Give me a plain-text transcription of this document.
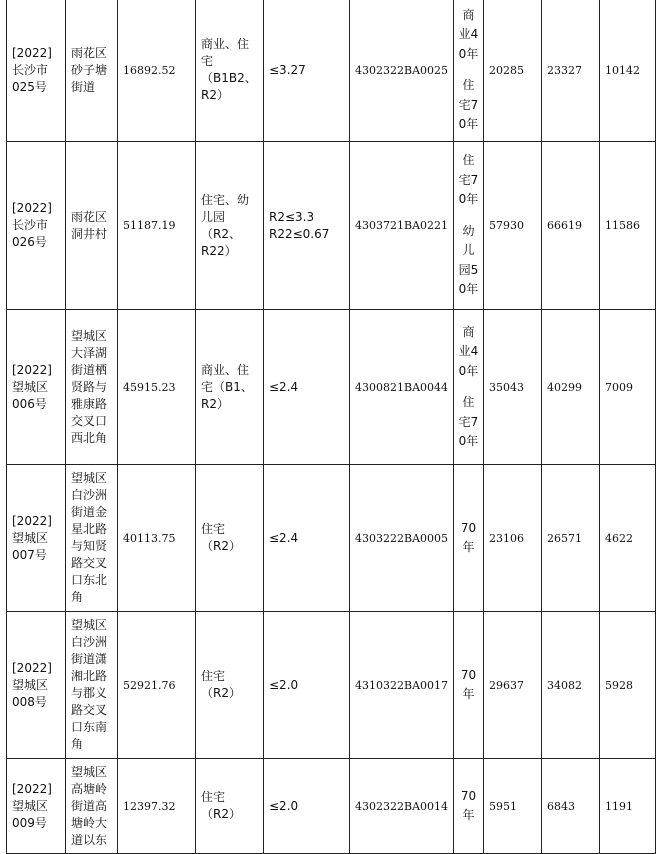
[2022]
长沙市
025号	雨花区砂子塘街道	16892.52	商业、住宅
（B1B2、
R2）	≤3.27	4302322BA0025	商业40年
住宅70年	20285	23327	10142

[2022]
长沙市
026号	雨花区洞井村	51187.19	住宅、幼
儿园
（R2、
R22）	R2≤3.3
R22≤0.67	4303721BA0221	住宅70年
幼儿园50年	57930	66619	11586

[2022]
望城区
006号	望城区大泽湖街道栖贤路与雅康路交叉口西北角	45915.23	商业、住
宅（B1、
R2）	≤2.4	4300821BA0044	商业40年
住宅70年	35043	40299	7009

[2022]
望城区
007号	望城区白沙洲街道金星北路与知贤路交叉口东北角	40113.75	住宅
（R2）	≤2.4	4303222BA0005	70年	23106	26571	4622

[2022]
望城区
008号	望城区白沙洲街道潇湘北路与郡义路交叉口东南角	52921.76	住宅
（R2）	≤2.0	4310322BA0017	70年	29637	34082	5928

[2022]
望城区
009号	望城区高塘岭街道高塘岭大道以东	12397.32	住宅
（R2）	≤2.0	4302322BA0014	70年	5951	6843	1191
